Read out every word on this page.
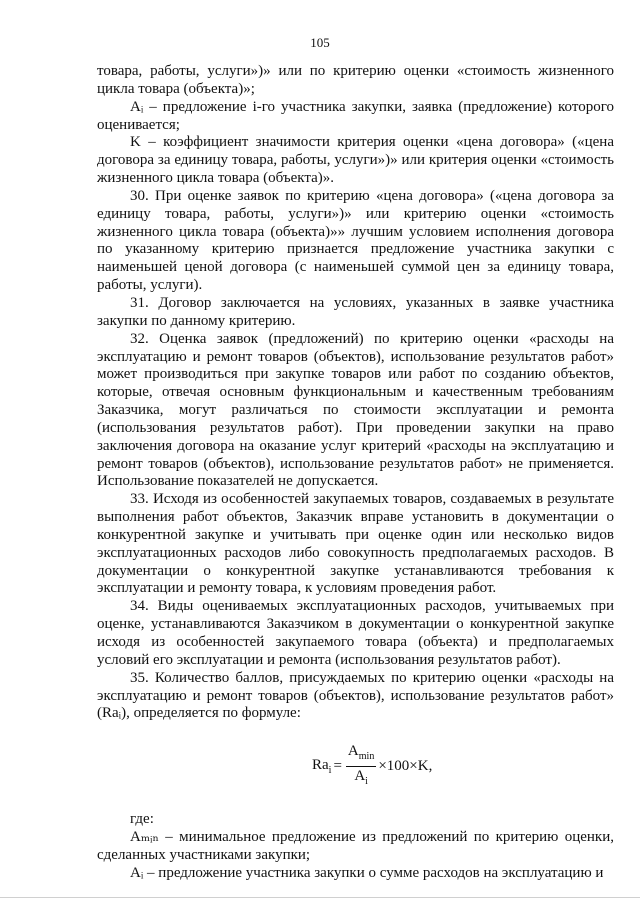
105

товара, работы, услуги»)» или по критерию оценки «стоимость жизненного цикла товара (объекта)»;

Aᵢ – предложение i-го участника закупки, заявка (предложение) которого оценивается;

K – коэффициент значимости критерия оценки «цена договора» («цена договора за единицу товара, работы, услуги»)» или критерия оценки «стоимость жизненного цикла товара (объекта)».

30. При оценке заявок по критерию «цена договора» («цена договора за единицу товара, работы, услуги»)» или критерию оценки «стоимость жизненного цикла товара (объекта)»» лучшим условием исполнения договора по указанному критерию признается предложение участника закупки с наименьшей ценой договора (с наименьшей суммой цен за единицу товара, работы, услуги).

31. Договор заключается на условиях, указанных в заявке участника закупки по данному критерию.

32. Оценка заявок (предложений) по критерию оценки «расходы на эксплуатацию и ремонт товаров (объектов), использование результатов работ» может производиться при закупке товаров или работ по созданию объектов, которые, отвечая основным функциональным и качественным требованиям Заказчика, могут различаться по стоимости эксплуатации и ремонта (использования результатов работ). При проведении закупки на право заключения договора на оказание услуг критерий «расходы на эксплуатацию и ремонт товаров (объектов), использование результатов работ» не применяется. Использование показателей не допускается.

33. Исходя из особенностей закупаемых товаров, создаваемых в результате выполнения работ объектов, Заказчик вправе установить в документации о конкурентной закупке и учитывать при оценке один или несколько видов эксплуатационных расходов либо совокупность предполагаемых расходов. В документации о конкурентной закупке устанавливаются требования к эксплуатации и ремонту товара, к условиям проведения работ.

34. Виды оцениваемых эксплуатационных расходов, учитываемых при оценке, устанавливаются Заказчиком в документации о конкурентной закупке исходя из особенностей закупаемого товара (объекта) и предполагаемых условий его эксплуатации и ремонта (использования результатов работ).

35. Количество баллов, присуждаемых по критерию оценки «расходы на эксплуатацию и ремонт товаров (объектов), использование результатов работ» (Raᵢ), определяется по формуле:

$Ra_i = \frac{A_{min}}{A_i} \times 100\times K$,

где:

Aₘᵢₙ – минимальное предложение из предложений по критерию оценки, сделанных участниками закупки;

Aᵢ – предложение участника закупки о сумме расходов на эксплуатацию и
